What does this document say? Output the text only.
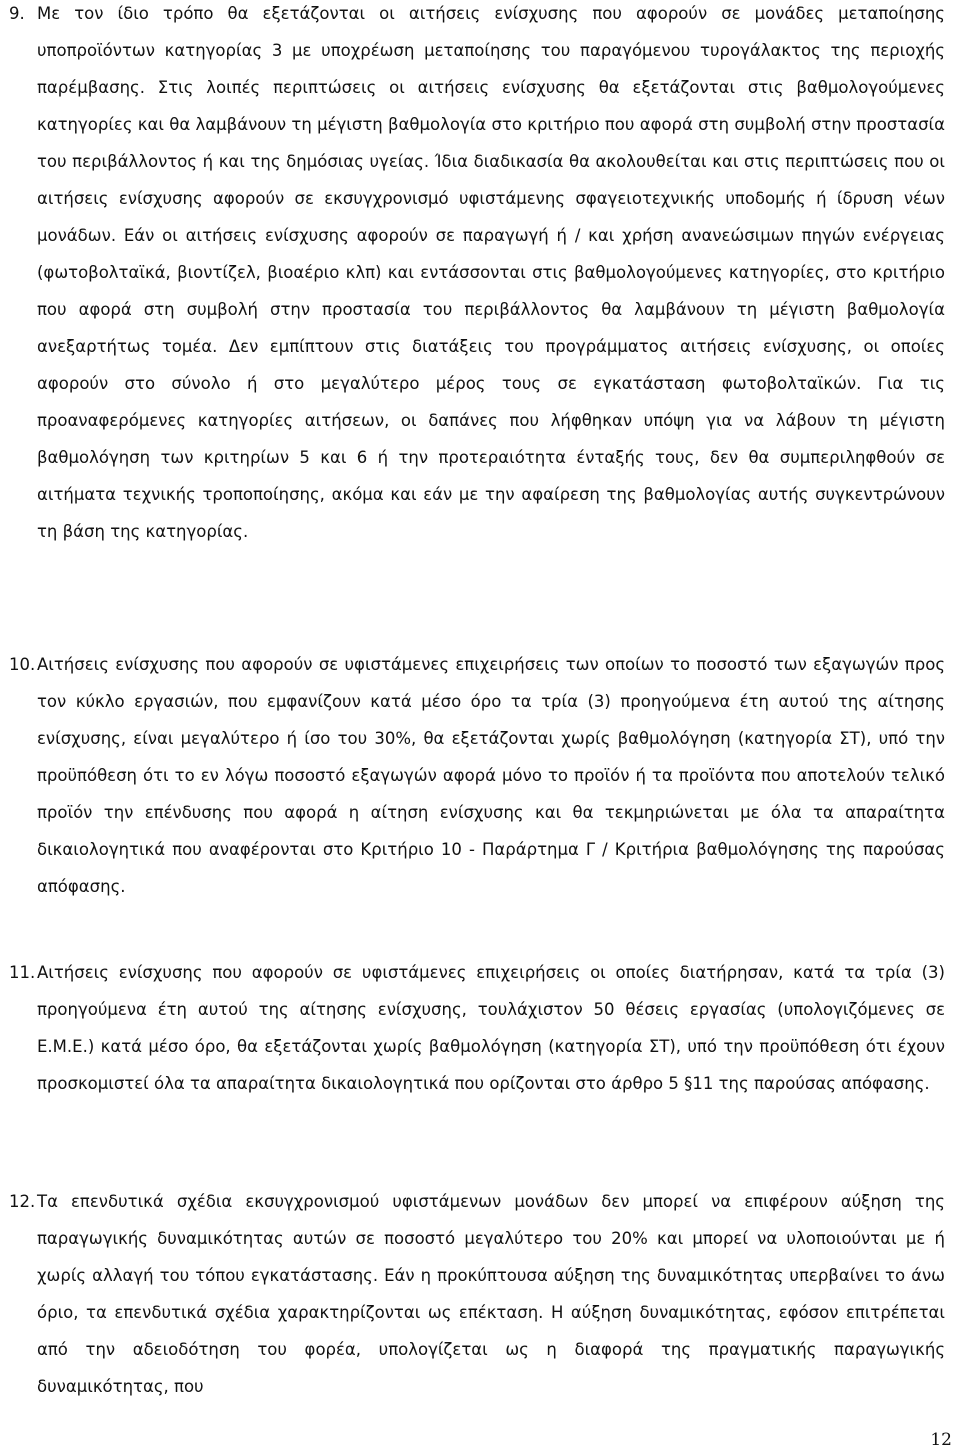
9. Με τον ίδιο τρόπο θα εξετάζονται οι αιτήσεις ενίσχυσης που αφορούν σε μονάδες μεταποίησης υποπροϊόντων κατηγορίας 3 με υποχρέωση μεταποίησης του παραγόμενου τυρογάλακτος της περιοχής παρέμβασης. Στις λοιπές περιπτώσεις οι αιτήσεις ενίσχυσης θα εξετάζονται στις βαθμολογούμενες κατηγορίες και θα λαμβάνουν τη μέγιστη βαθμολογία στο κριτήριο που αφορά στη συμβολή στην προστασία του περιβάλλοντος ή και της δημόσιας υγείας. Ίδια διαδικασία θα ακολουθείται και στις περιπτώσεις που οι αιτήσεις ενίσχυσης αφορούν σε εκσυγχρονισμό υφιστάμενης σφαγειοτεχνικής υποδομής ή ίδρυση νέων μονάδων. Εάν οι αιτήσεις ενίσχυσης αφορούν σε παραγωγή ή / και χρήση ανανεώσιμων πηγών ενέργειας (φωτοβολταϊκά, βιοντίζελ, βιοαέριο κλπ) και εντάσσονται στις βαθμολογούμενες κατηγορίες, στο κριτήριο που αφορά στη συμβολή στην προστασία του περιβάλλοντος θα λαμβάνουν τη μέγιστη βαθμολογία ανεξαρτήτως τομέα. Δεν εμπίπτουν στις διατάξεις του προγράμματος αιτήσεις ενίσχυσης, οι οποίες αφορούν στο σύνολο ή στο μεγαλύτερο μέρος τους σε εγκατάσταση φωτοβολταϊκών. Για τις προαναφερόμενες κατηγορίες αιτήσεων, οι δαπάνες που λήφθηκαν υπόψη για να λάβουν τη μέγιστη βαθμολόγηση των κριτηρίων 5 και 6 ή την προτεραιότητα ένταξής τους, δεν θα συμπεριληφθούν σε αιτήματα τεχνικής τροποποίησης, ακόμα και εάν με την αφαίρεση της βαθμολογίας αυτής συγκεντρώνουν τη βάση της κατηγορίας.
10. Αιτήσεις ενίσχυσης που αφορούν σε υφιστάμενες επιχειρήσεις των οποίων το ποσοστό των εξαγωγών προς τον κύκλο εργασιών, που εμφανίζουν κατά μέσο όρο τα τρία (3) προηγούμενα έτη αυτού της αίτησης ενίσχυσης, είναι μεγαλύτερο ή ίσο του 30%, θα εξετάζονται χωρίς βαθμολόγηση (κατηγορία ΣΤ), υπό την προϋπόθεση ότι το εν λόγω ποσοστό εξαγωγών αφορά μόνο το προϊόν ή τα προϊόντα που αποτελούν τελικό προϊόν την επένδυσης που αφορά η αίτηση ενίσχυσης και θα τεκμηριώνεται με όλα τα απαραίτητα δικαιολογητικά που αναφέρονται στο Κριτήριο 10 - Παράρτημα Γ / Κριτήρια βαθμολόγησης της παρούσας απόφασης.
11. Αιτήσεις ενίσχυσης που αφορούν σε υφιστάμενες επιχειρήσεις οι οποίες διατήρησαν, κατά τα τρία (3) προηγούμενα έτη αυτού της αίτησης ενίσχυσης, τουλάχιστον 50 θέσεις εργασίας (υπολογιζόμενες σε Ε.Μ.Ε.) κατά μέσο όρο, θα εξετάζονται χωρίς βαθμολόγηση (κατηγορία ΣΤ), υπό την προϋπόθεση ότι έχουν προσκομιστεί όλα τα απαραίτητα δικαιολογητικά που ορίζονται στο άρθρο 5 §11 της παρούσας απόφασης.
12. Τα επενδυτικά σχέδια εκσυγχρονισμού υφιστάμενων μονάδων δεν μπορεί να επιφέρουν αύξηση της παραγωγικής δυναμικότητας αυτών σε ποσοστό μεγαλύτερο του 20% και μπορεί να υλοποιούνται με ή χωρίς αλλαγή του τόπου εγκατάστασης. Εάν η προκύπτουσα αύξηση της δυναμικότητας υπερβαίνει το άνω όριο, τα επενδυτικά σχέδια χαρακτηρίζονται ως επέκταση. Η αύξηση δυναμικότητας, εφόσον επιτρέπεται από την αδειοδότηση του φορέα, υπολογίζεται ως η διαφορά της πραγματικής παραγωγικής δυναμικότητας, που
12
